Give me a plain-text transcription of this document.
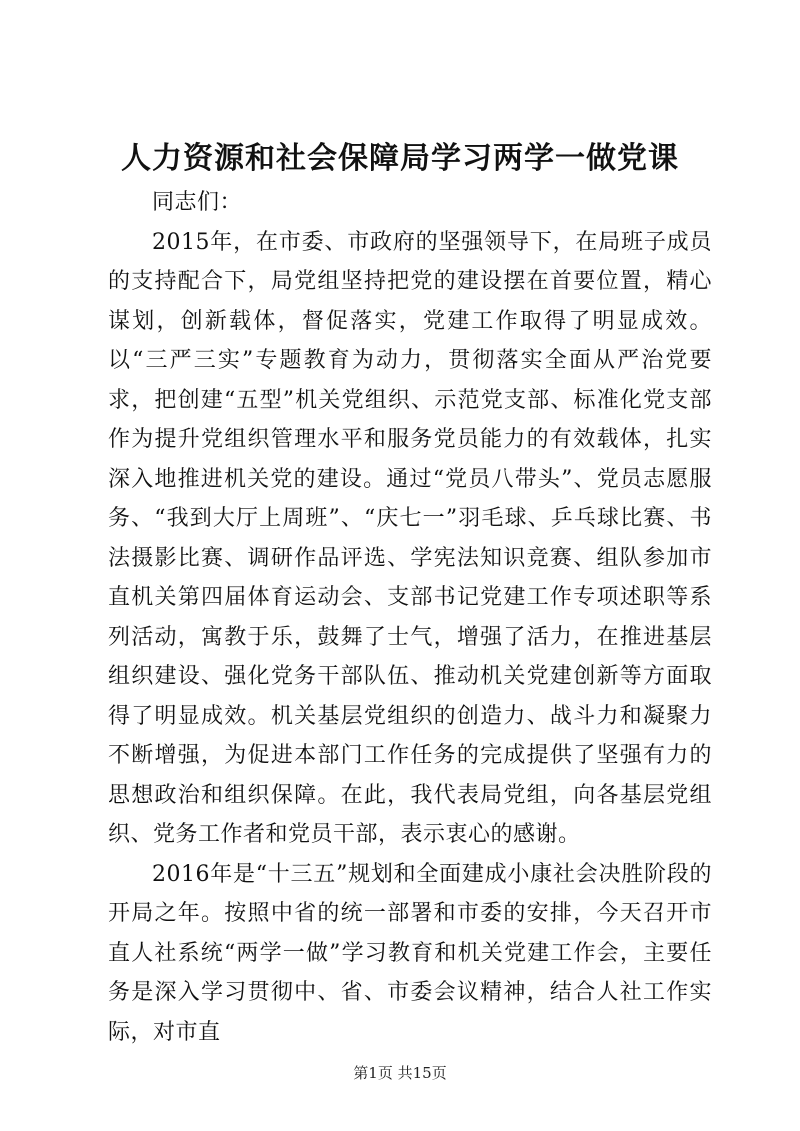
人力资源和社会保障局学习两学一做党课

同志们：

2015年，在市委、市政府的坚强领导下，在局班子成员的支持配合下，局党组坚持把党的建设摆在首要位置，精心谋划，创新载体，督促落实，党建工作取得了明显成效。以“三严三实”专题教育为动力，贯彻落实全面从严治党要求，把创建“五型”机关党组织、示范党支部、标准化党支部作为提升党组织管理水平和服务党员能力的有效载体，扎实深入地推进机关党的建设。通过“党员八带头”、党员志愿服务、“我到大厅上周班”、“庆七一”羽毛球、乒乓球比赛、书法摄影比赛、调研作品评选、学宪法知识竞赛、组队参加市直机关第四届体育运动会、支部书记党建工作专项述职等系列活动，寓教于乐，鼓舞了士气，增强了活力，在推进基层组织建设、强化党务干部队伍、推动机关党建创新等方面取得了明显成效。机关基层党组织的创造力、战斗力和凝聚力不断增强，为促进本部门工作任务的完成提供了坚强有力的思想政治和组织保障。在此，我代表局党组，向各基层党组织、党务工作者和党员干部，表示衷心的感谢。

2016年是“十三五”规划和全面建成小康社会决胜阶段的开局之年。按照中省的统一部署和市委的安排，今天召开市直人社系统“两学一做”学习教育和机关党建工作会，主要任务是深入学习贯彻中、省、市委会议精神，结合人社工作实际，对市直

第1页 共15页
